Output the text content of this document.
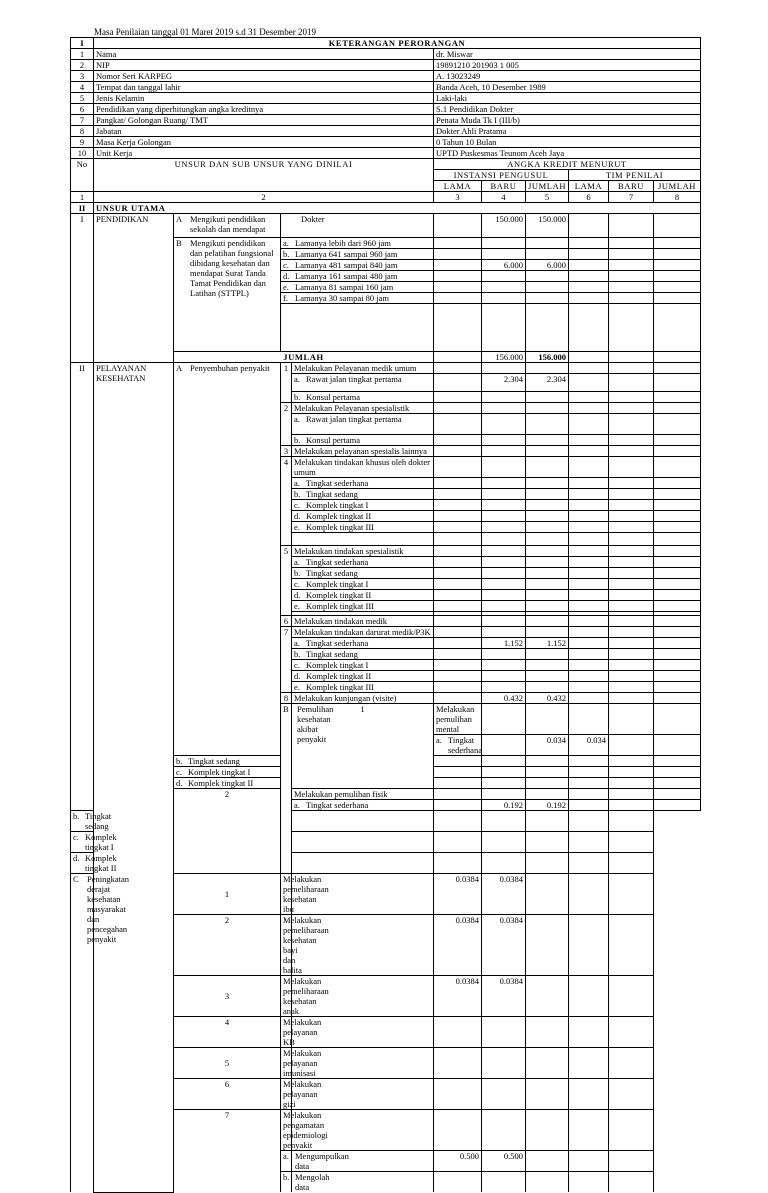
Masa Penilaian tanggal 01 Maret 2019 s.d 31 Desember 2019
I	KETERANGAN PERORANGAN										
1	Nama				dr. Miswar						
2	NIP				19891210 201903 1 005						
3	Nomor Seri KARPEG				A. 13023249						
4	Tempat dan tanggal lahir				Banda Aceh, 10 Desember 1989						
5	Jenis Kelamin				Laki-laki						
6	Pendidikan yang diperhitungkan angka kreditnya				S.1 Pendidikan Dokter						
7	Pangkat/ Golongan Ruang/ TMT				Penata Muda Tk I (III/b)						
8	Jabatan				Dokter Ahli Pratama						
9	Masa Kerja Golongan				0 Tahun 10 Bulan						
10	Unit Kerja				UPTD Puskesmas Teunom Aceh Jaya						
No	UNSUR DAN SUB UNSUR YANG DINILAI				ANGKA KREDIT MENURUT						
					INSTANSI PENGUSUL			TIM PENILAI			
					LAMA	BARU	JUMLAH	LAMA	BARU	JUMLAH	
1	2				3	4	5	6	7	8	
II	UNSUR UTAMA										
I	PENDIDIKAN	A Mengikuti pendidikan sekolah dan mendapat	Dokter			150.000	150.000				

		B Mengikuti pendidikan dan pelatihan fungsional dibidang kesehatan dan mendapat Surat Tanda Tamat Pendidikan dan Latihan (STTPL)	a. Lamanya lebih dari 960 jam								

			b. Lamanya 641 sampai 960 jam								

			c. Lamanya 481 sampai 840 jam			6.000	6.000				

			d. Lamanya 161 sampai 480 jam								

			e. Lamanya 81 sampai 160 jam								

			f. Lamanya 30 sampai 80 jam								

		JUMLAH				156.000	156.000				
II	PELAYANAN KESEHATAN	A Penyembuhan penyakit	1	Melakukan Pelayanan medik umum							

				a. Rawat jalan tingkat pertama		2.304	2.304				

				b. Konsul pertama							

			2	Melakukan Pelayanan spesialistik							

				a. Rawat jalan tingkat pertama							

				b. Konsul pertama							

			3	Melakukan pelayanan spesialis lainnya							
			4	Melakukan tindakan khusus oleh dokter umum							

				a. Tingkat sederhana							

				b. Tingkat sedang							

				c. Komplek tingkat I							

				d. Komplek tingkat II							

				e. Komplek tingkat III							

			5	Melakukan tindakan spesialistik							

				a. Tingkat sederhana							

				b. Tingkat sedang							

				c. Komplek tingkat I							

				d. Komplek tingkat II							

				e. Komplek tingkat III							

			6	Melakukan tindakan medik							
			7	Melakukan tindakan darurat medik/P3K							

				a. Tingkat sederhana		1.152	1.152				

				b. Tingkat sedang							

				c. Komplek tingkat I							

				d. Komplek tingkat II							

				e. Komplek tingkat III							

			8	Melakukan kunjungan (visite)		0.432	0.432				

			B Pemulihan kesehatan akibat penyakit	1	Melakukan pemulihan mental						

					a. Tingkat sederhana		0.034	0.034			

		b. Tingkat sedang									

		c. Komplek tingkat I									

		d. Komplek tingkat II									

		2		Melakukan pemulihan fisik							

				a. Tingkat sederhana		0.192	0.192				

b. Tingkat sedang											

c. Komplek tingkat I											

d. Komplek tingkat II											

C Peningkatan derajat kesehatan masyarakat dan pencegahan penyakit		1	Melakukan pemeliharaan kesehatan ibu		0.0384	0.0384					
		2	Melakukan pemeliharaan kesehatan bayi dan balita		0.0384	0.0384					
		3	Melakukan pemeliharaan kesehatan anak		0.0384	0.0384					
		4	Melakukan pelayanan KB								
		5	Melakukan pelayanan imunisasi								
		6	Melakukan pelayanan gizi								
		7	Melakukan pengamatan epidemiologi penyakit								

			a. Mengumpulkan data		0.500	0.500					

			b. Mengolah data								
